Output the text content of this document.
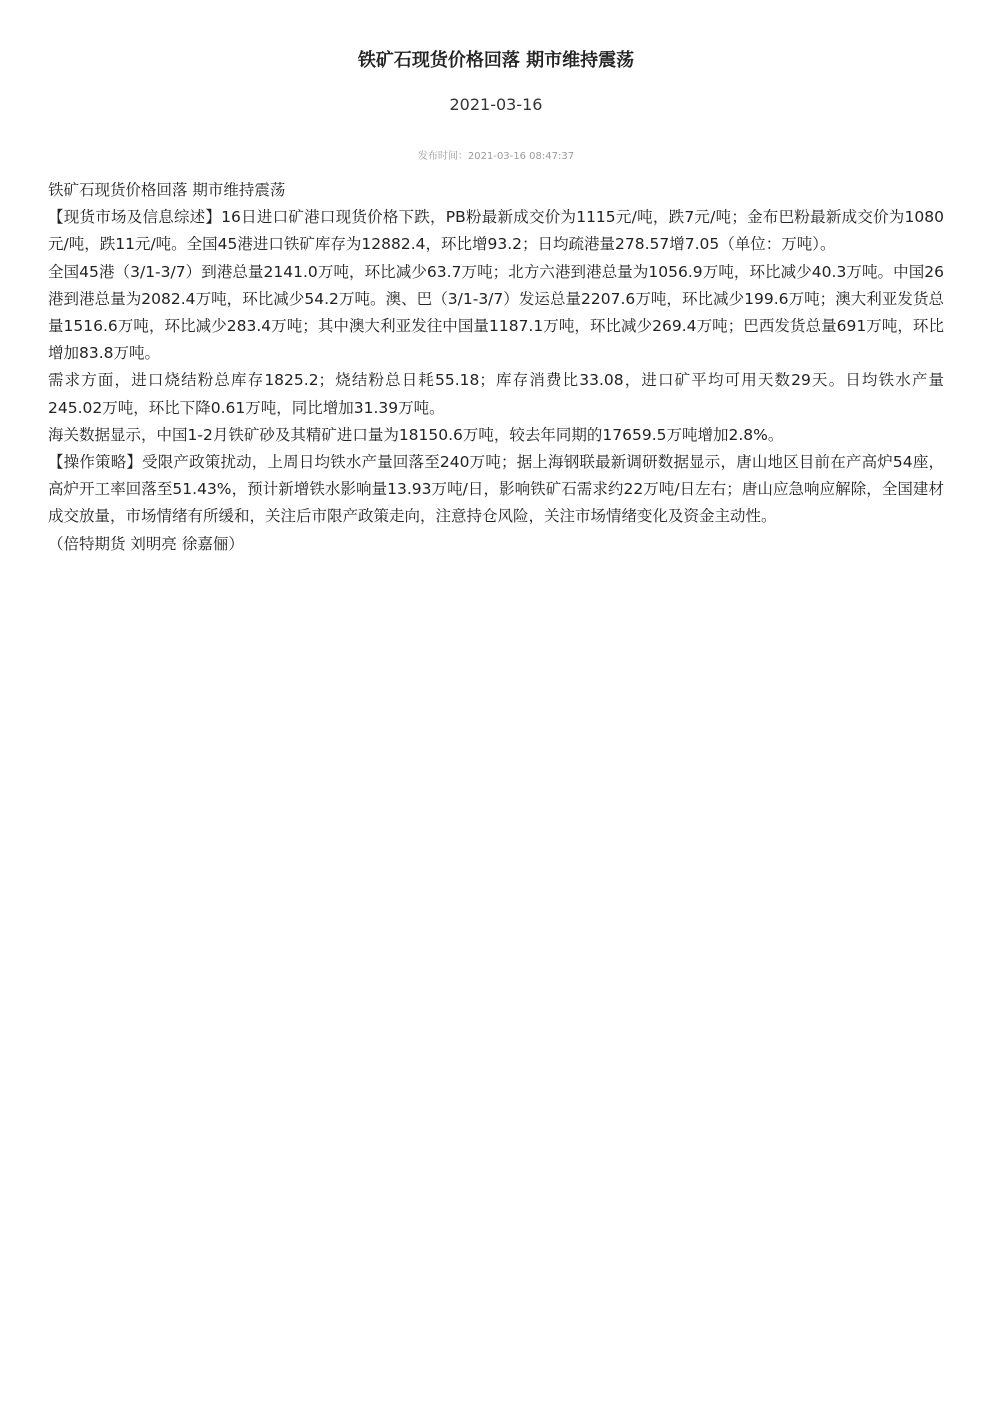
铁矿石现货价格回落 期市维持震荡
2021-03-16
发布时间：2021-03-16 08:47:37

铁矿石现货价格回落 期市维持震荡

【现货市场及信息综述】16日进口矿港口现货价格下跌，PB粉最新成交价为1115元/吨，跌7元/吨；金布巴粉最新成交价为1080元/吨，跌11元/吨。全国45港进口铁矿库存为12882.4，环比增93.2；日均疏港量278.57增7.05（单位：万吨）。

全国45港（3/1-3/7）到港总量2141.0万吨，环比减少63.7万吨；北方六港到港总量为1056.9万吨，环比减少40.3万吨。中国26港到港总量为2082.4万吨，环比减少54.2万吨。澳、巴（3/1-3/7）发运总量2207.6万吨，环比减少199.6万吨；澳大利亚发货总量1516.6万吨，环比减少283.4万吨；其中澳大利亚发往中国量1187.1万吨，环比减少269.4万吨；巴西发货总量691万吨，环比增加83.8万吨。

需求方面，进口烧结粉总库存1825.2；烧结粉总日耗55.18；库存消费比33.08，进口矿平均可用天数29天。日均铁水产量245.02万吨，环比下降0.61万吨，同比增加31.39万吨。

海关数据显示，中国1-2月铁矿砂及其精矿进口量为18150.6万吨，较去年同期的17659.5万吨增加2.8%。

【操作策略】受限产政策扰动，上周日均铁水产量回落至240万吨；据上海钢联最新调研数据显示，唐山地区目前在产高炉54座，高炉开工率回落至51.43%，预计新增铁水影响量13.93万吨/日，影响铁矿石需求约22万吨/日左右；唐山应急响应解除，全国建材成交放量，市场情绪有所缓和，关注后市限产政策走向，注意持仓风险，关注市场情绪变化及资金主动性。

（倍特期货 刘明亮 徐嘉俪）
